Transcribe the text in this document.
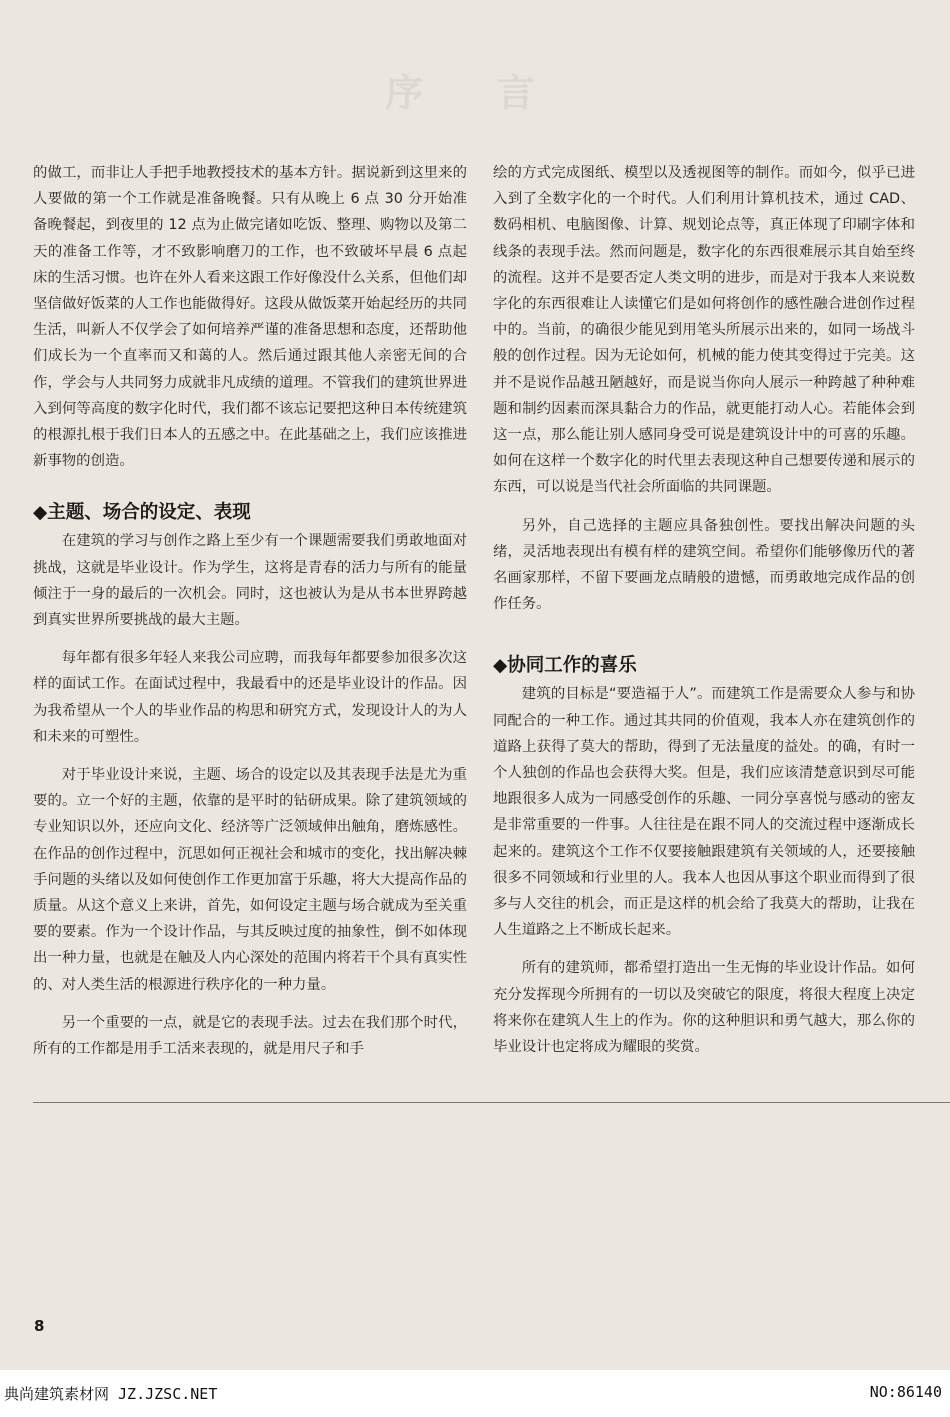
序 言

的做工，而非让人手把手地教授技术的基本方针。据说新到这里来的人要做的第一个工作就是准备晚餐。只有从晚上 6 点 30 分开始准备晚餐起，到夜里的 12 点为止做完诸如吃饭、整理、购物以及第二天的准备工作等，才不致影响磨刀的工作，也不致破坏早晨 6 点起床的生活习惯。也许在外人看来这跟工作好像没什么关系，但他们却坚信做好饭菜的人工作也能做得好。这段从做饭菜开始起经历的共同生活，叫新人不仅学会了如何培养严谨的准备思想和态度，还帮助他们成长为一个直率而又和蔼的人。然后通过跟其他人亲密无间的合作，学会与人共同努力成就非凡成绩的道理。不管我们的建筑世界进入到何等高度的数字化时代，我们都不该忘记要把这种日本传统建筑的根源扎根于我们日本人的五感之中。在此基础之上，我们应该推进新事物的创造。

◆主题、场合的设定、表现

在建筑的学习与创作之路上至少有一个课题需要我们勇敢地面对挑战，这就是毕业设计。作为学生，这将是青春的活力与所有的能量倾注于一身的最后的一次机会。同时，这也被认为是从书本世界跨越到真实世界所要挑战的最大主题。

每年都有很多年轻人来我公司应聘，而我每年都要参加很多次这样的面试工作。在面试过程中，我最看中的还是毕业设计的作品。因为我希望从一个人的毕业作品的构思和研究方式，发现设计人的为人和未来的可塑性。

对于毕业设计来说，主题、场合的设定以及其表现手法是尤为重要的。立一个好的主题，依靠的是平时的钻研成果。除了建筑领域的专业知识以外，还应向文化、经济等广泛领域伸出触角，磨炼感性。在作品的创作过程中，沉思如何正视社会和城市的变化，找出解决棘手问题的头绪以及如何使创作工作更加富于乐趣，将大大提高作品的质量。从这个意义上来讲，首先，如何设定主题与场合就成为至关重要的要素。作为一个设计作品，与其反映过度的抽象性，倒不如体现出一种力量，也就是在触及人内心深处的范围内将若干个具有真实性的、对人类生活的根源进行秩序化的一种力量。

另一个重要的一点，就是它的表现手法。过去在我们那个时代，所有的工作都是用手工活来表现的，就是用尺子和手

绘的方式完成图纸、模型以及透视图等的制作。而如今，似乎已进入到了全数字化的一个时代。人们利用计算机技术，通过 CAD、数码相机、电脑图像、计算、规划论点等，真正体现了印刷字体和线条的表现手法。然而问题是，数字化的东西很难展示其自始至终的流程。这并不是要否定人类文明的进步，而是对于我本人来说数字化的东西很难让人读懂它们是如何将创作的感性融合进创作过程中的。当前，的确很少能见到用笔头所展示出来的，如同一场战斗般的创作过程。因为无论如何，机械的能力使其变得过于完美。这并不是说作品越丑陋越好，而是说当你向人展示一种跨越了种种难题和制约因素而深具黏合力的作品，就更能打动人心。若能体会到这一点，那么能让别人感同身受可说是建筑设计中的可喜的乐趣。如何在这样一个数字化的时代里去表现这种自己想要传递和展示的东西，可以说是当代社会所面临的共同课题。

另外，自己选择的主题应具备独创性。要找出解决问题的头绪，灵活地表现出有模有样的建筑空间。希望你们能够像历代的著名画家那样，不留下要画龙点睛般的遗憾，而勇敢地完成作品的创作任务。

◆协同工作的喜乐

建筑的目标是“要造福于人”。而建筑工作是需要众人参与和协同配合的一种工作。通过其共同的价值观，我本人亦在建筑创作的道路上获得了莫大的帮助，得到了无法量度的益处。的确，有时一个人独创的作品也会获得大奖。但是，我们应该清楚意识到尽可能地跟很多人成为一同感受创作的乐趣、一同分享喜悦与感动的密友是非常重要的一件事。人往往是在跟不同人的交流过程中逐渐成长起来的。建筑这个工作不仅要接触跟建筑有关领域的人，还要接触很多不同领域和行业里的人。我本人也因从事这个职业而得到了很多与人交往的机会，而正是这样的机会给了我莫大的帮助，让我在人生道路之上不断成长起来。

所有的建筑师，都希望打造出一生无悔的毕业设计作品。如何充分发挥现今所拥有的一切以及突破它的限度，将很大程度上决定将来你在建筑人生上的作为。你的这种胆识和勇气越大，那么你的毕业设计也定将成为耀眼的奖赏。

8
典尚建筑素材网 JZ.JZSC.NET	NO:86140
